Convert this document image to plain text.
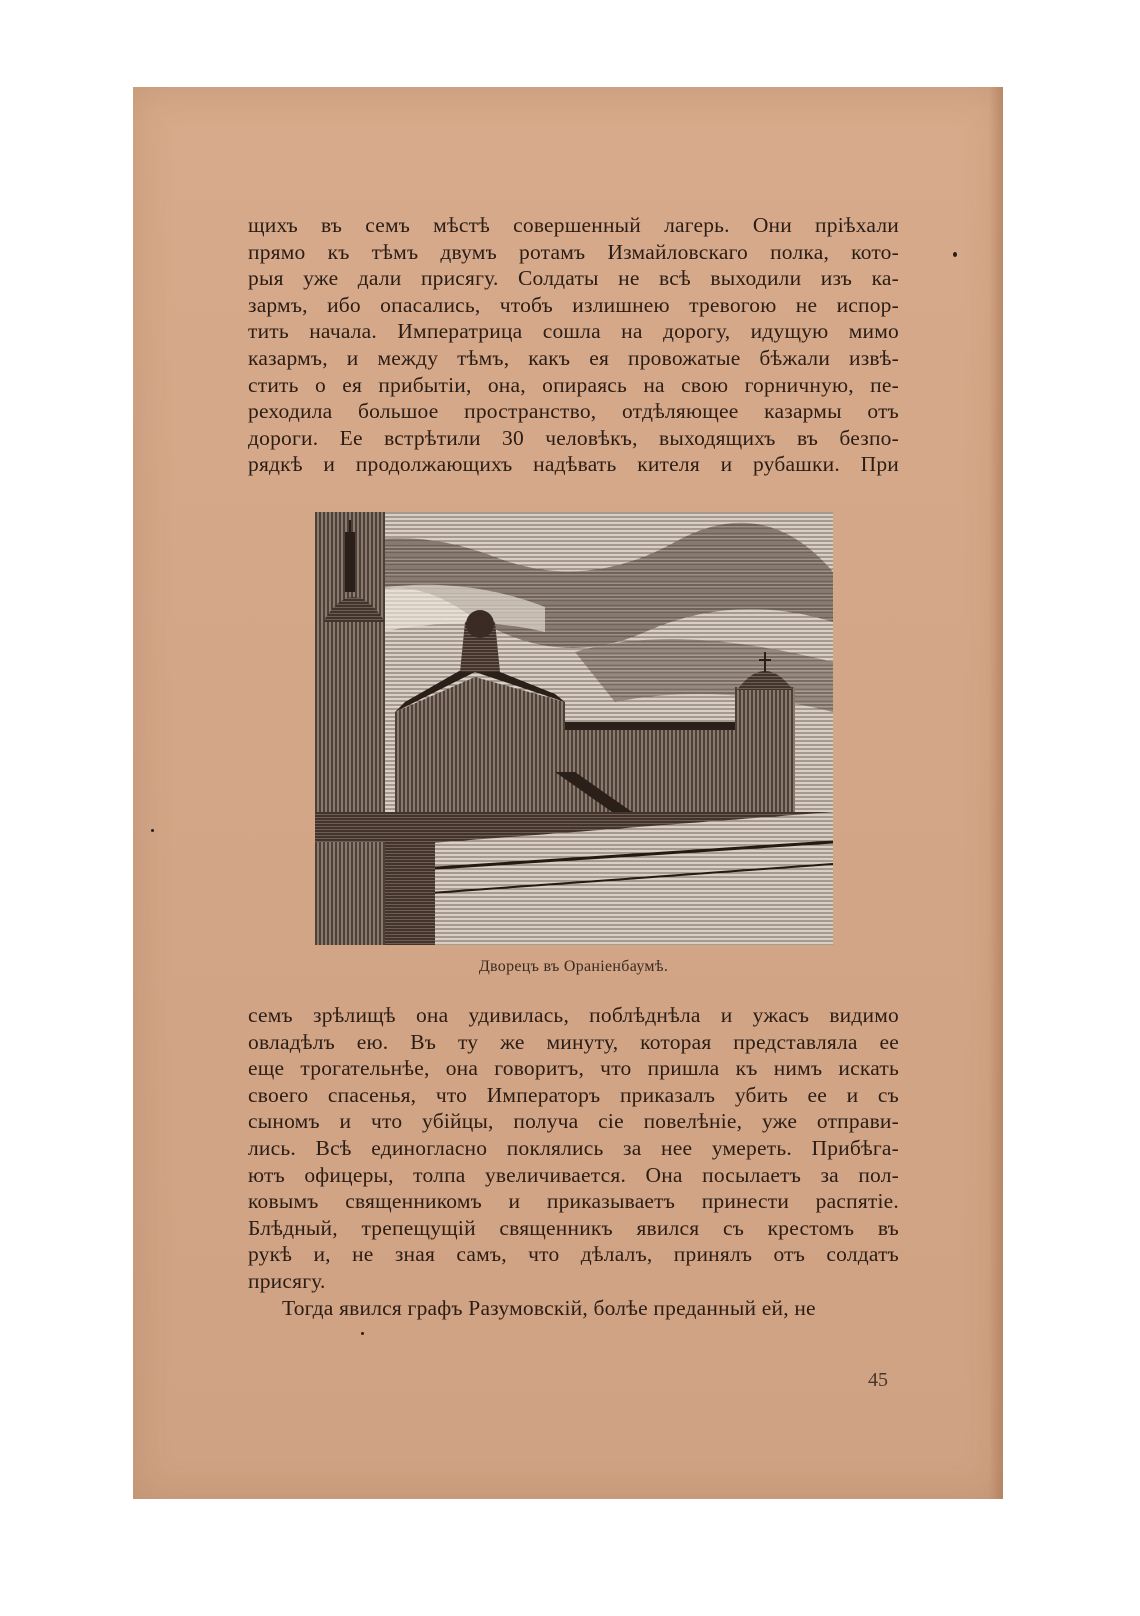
щихъ въ семъ мѣстѣ совершенный лагерь. Они пріѣхали
прямо къ тѣмъ двумъ ротамъ Измайловскаго полка, кото-
рыя уже дали присягу. Солдаты не всѣ выходили изъ ка-
зармъ, ибо опасались, чтобъ излишнею тревогою не испор-
тить начала. Императрица сошла на дорогу, идущую мимо
казармъ, и между тѣмъ, какъ ея провожатые бѣжали извѣ-
стить о ея прибытіи, она, опираясь на свою горничную, пе-
реходила большое пространство, отдѣляющее казармы отъ
дороги. Ее встрѣтили 30 человѣкъ, выходящихъ въ безпо-
рядкѣ и продолжающихъ надѣвать кителя и рубашки. При
Дворецъ въ Оранiенбаумѣ.
семъ зрѣлищѣ она удивилась, поблѣднѣла и ужасъ видимо
овладѣлъ ею. Въ ту же минуту, которая представляла ее
еще трогательнѣе, она говоритъ, что пришла къ нимъ искать
своего спасенья, что Императоръ приказалъ убить ее и съ
сыномъ и что убійцы, получа сіе повелѣніе, уже отправи-
лись. Всѣ единогласно поклялись за нее умереть. Прибѣга-
ютъ офицеры, толпа увеличивается. Она посылаетъ за пол-
ковымъ священникомъ и приказываетъ принести распятіе.
Блѣдный, трепещущій священникъ явился съ крестомъ въ
рукѣ и, не зная самъ, что дѣлалъ, принялъ отъ солдатъ
присягу.
Тогда явился графъ Разумовскій, болѣе преданный ей, не
45
